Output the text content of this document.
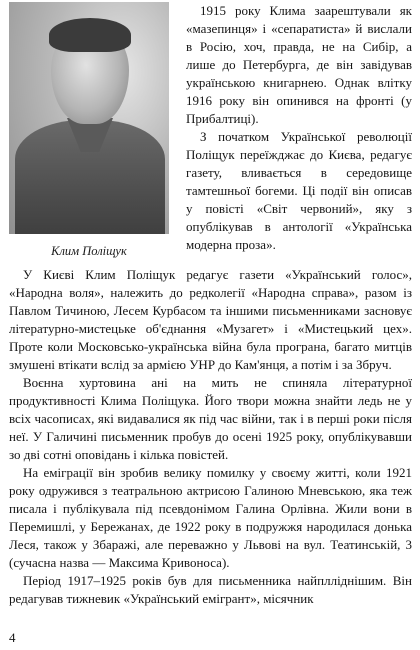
Клим Поліщук

1915 року Клима заарештували як «мазепинця» і «сепаратиста» й вислали в Росію, хоч, правда, не на Сибір, а лише до Петербурга, де він завідував українською книгарнею. Однак влітку 1916 року він опинився на фронті (у Прибалтиці).

З початком Української революції Поліщук переїжджає до Києва, редагує газету, вливається в середовище тамтешньої богеми. Ці події він описав у повісті «Світ червоний», яку з опублікував в антології «Українська модерна проза».

У Києві Клим Поліщук редагує газети «Український голос», «Народна воля», належить до редколегії «Народна справа», разом із Павлом Тичиною, Лесем Курбасом та іншими письменниками засновує літературно-мистецьке об'єднання «Музагет» і «Мистецький цех». Проте коли Московсько-українська війна була програна, багато митців змушені втікати вслід за армією УНР до Кам'янця, а потім і за Збруч.

Воєнна хуртовина ані на мить не спиняла літературної продуктивності Клима Поліщука. Його твори можна знайти ледь не у всіх часописах, які видавалися як під час війни, так і в перші роки після неї. У Галичині письменник пробув до осені 1925 року, опублікувавши зо дві сотні оповідань і кілька повістей.

На еміграції він зробив велику помилку у своєму житті, коли 1921 року одружився з театральною актрисою Галиною Мневською, яка теж писала і публікувала під псевдонімом Галина Орлівна. Жили вони в Перемишлі, у Бережанах, де 1922 року в подружжя народилася донька Леся, також у Збаражі, але переважно у Львові на вул. Театинській, 3 (сучасна назва — Максима Кривоноса).

Період 1917–1925 років був для письменника найплліднішим. Він редагував тижневик «Український емігрант», місячник

4
